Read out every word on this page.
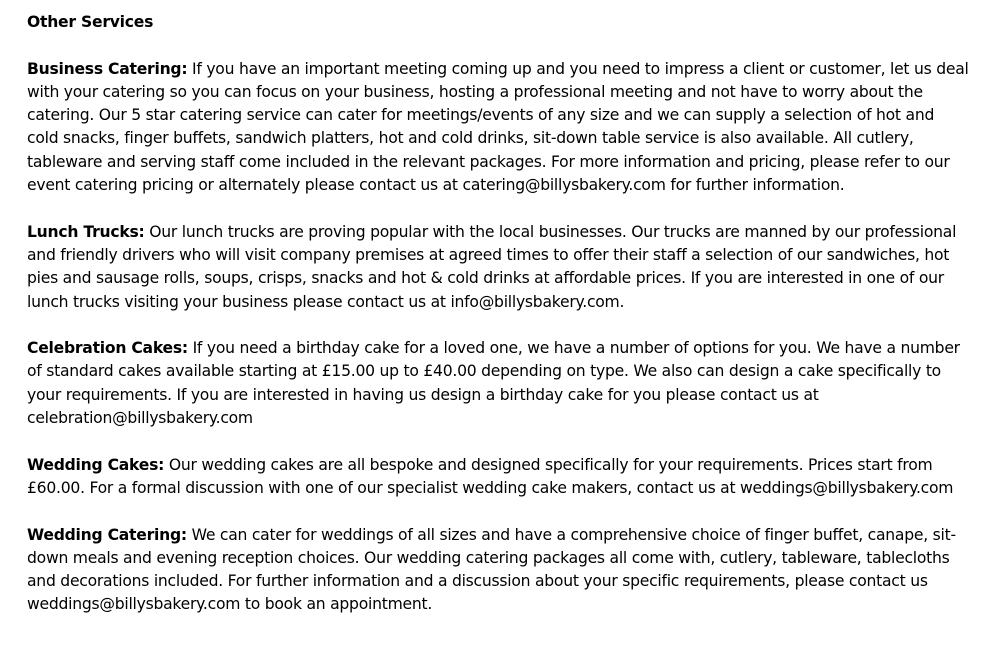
Other Services

Business Catering: If you have an important meeting coming up and you need to impress a client or customer, let us deal
with your catering so you can focus on your business, hosting a professional meeting and not have to worry about the
catering. Our 5 star catering service can cater for meetings/events of any size and we can supply a selection of hot and
cold snacks, finger buffets, sandwich platters, hot and cold drinks, sit-down table service is also available. All cutlery,
tableware and serving staff come included in the relevant packages. For more information and pricing, please refer to our
event catering pricing or alternately please contact us at catering@billysbakery.com for further information.
Lunch Trucks: Our lunch trucks are proving popular with the local businesses. Our trucks are manned by our professional
and friendly drivers who will visit company premises at agreed times to offer their staff a selection of our sandwiches, hot
pies and sausage rolls, soups, crisps, snacks and hot & cold drinks at affordable prices. If you are interested in one of our
lunch trucks visiting your business please contact us at info@billysbakery.com.
Celebration Cakes: If you need a birthday cake for a loved one, we have a number of options for you. We have a number
of standard cakes available starting at £15.00 up to £40.00 depending on type. We also can design a cake specifically to
your requirements. If you are interested in having us design a birthday cake for you please contact us at
celebration@billysbakery.com
Wedding Cakes: Our wedding cakes are all bespoke and designed specifically for your requirements. Prices start from
£60.00. For a formal discussion with one of our specialist wedding cake makers, contact us at weddings@billysbakery.com
Wedding Catering: We can cater for weddings of all sizes and have a comprehensive choice of finger buffet, canape, sit-
down meals and evening reception choices. Our wedding catering packages all come with, cutlery, tableware, tablecloths
and decorations included. For further information and a discussion about your specific requirements, please contact us
weddings@billysbakery.com to book an appointment.
